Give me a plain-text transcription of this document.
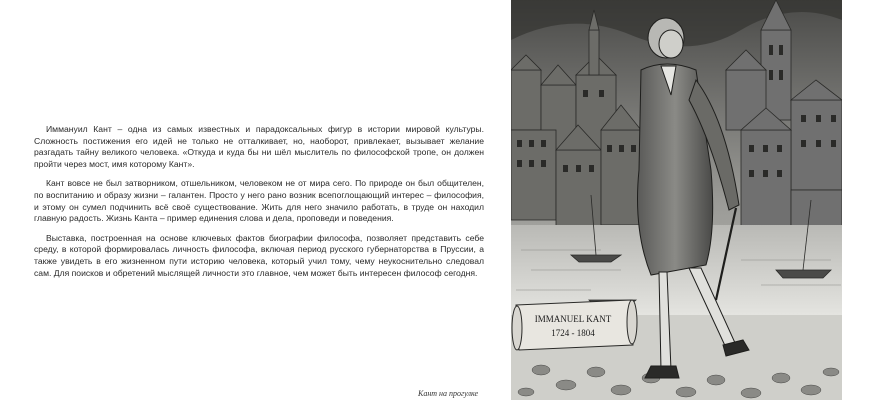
Иммануил Кант – одна из самых известных и парадоксальных фигур в истории мировой культуры. Сложность постижения его идей не только не отталкивает, но, наоборот, привлекает, вызывает желание разгадать тайну великого человека. «Откуда и куда бы ни шёл мыслитель по философской тропе, он должен пройти через мост, имя которому Кант».

Кант вовсе не был затворником, отшельником, человеком не от мира сего. По природе он был общителен, по воспитанию и образу жизни – галантен. Просто у него рано возник всепоглощающий интерес – философия, и этому он сумел подчинить всё своё существование. Жить для него значило работать, в труде он находил главную радость. Жизнь Канта – пример единения слова и дела, проповеди и поведения.

Выставка, построенная на основе ключевых фактов биографии философа, позволяет представить себе среду, в которой формировалась личность философа, включая период русского губернаторства в Пруссии, а также увидеть в его жизненном пути историю человека, который учил тому, чему неукоснительно следовал сам. Для поисков и обретений мыслящей личности это главное, чем может быть интересен философ сегодня.

Кант на прогулке
IMMANUEL KANT
1724 - 1804
